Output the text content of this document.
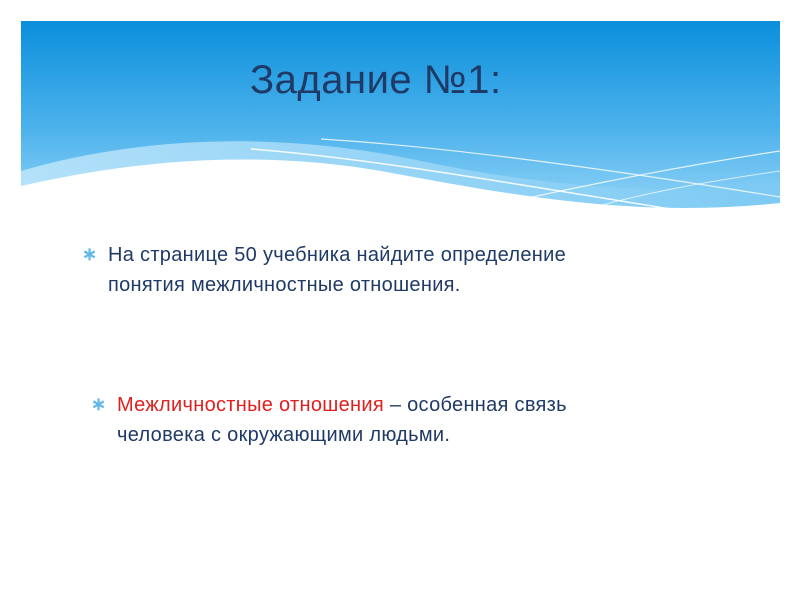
Задание №1:
∗ На странице 50 учебника найдите определение
понятия межличностные отношения.
∗ Межличностные отношения – особенная связь
человека с окружающими людьми.
